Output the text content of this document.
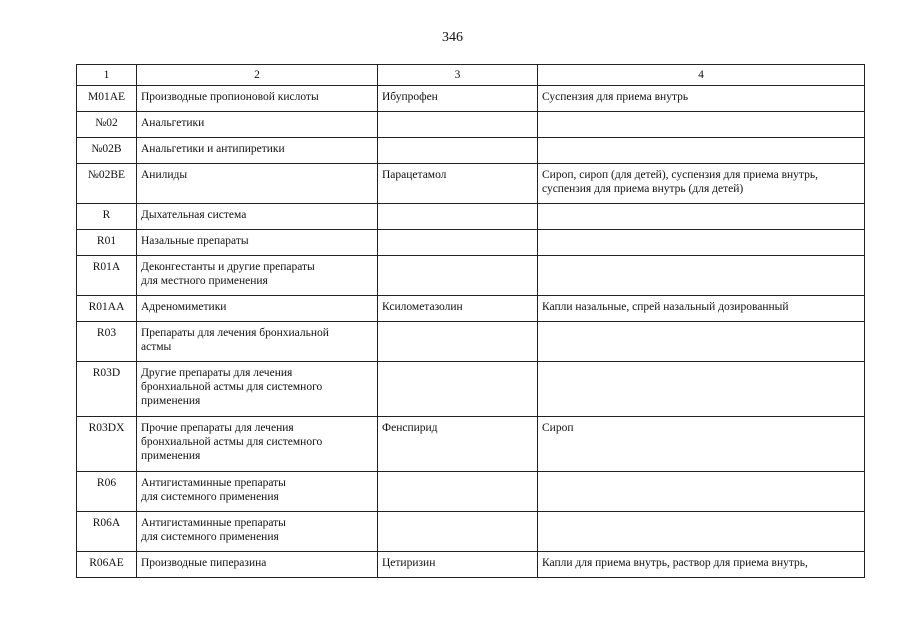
346
1	2	3	4
M01AE	Производные пропионовой кислоты	Ибупрофен	Суспензия для приема внутрь
№02	Анальгетики		
№02В	Анальгетики и антипиретики		
№02ВЕ	Анилиды	Парацетамол	Сироп, сироп (для детей), суспензия для приема внутрь,
суспензия для приема внутрь (для детей)
R	Дыхательная система		
R01	Назальные препараты		
R01A	Деконгестанты и другие препараты
для местного применения		
R01AA	Адреномиметики	Ксилометазолин	Капли назальные, спрей назальный дозированный
R03	Препараты для лечения бронхиальной
астмы		
R03D	Другие препараты для лечения
бронхиальной астмы для системного
применения		
R03DX	Прочие препараты для лечения
бронхиальной астмы для системного
применения	Фенспирид	Сироп
R06	Антигистаминные препараты
для системного применения		
R06A	Антигистаминные препараты
для системного применения		
R06AE	Производные пиперазина	Цетиризин	Капли для приема внутрь, раствор для приема внутрь,
